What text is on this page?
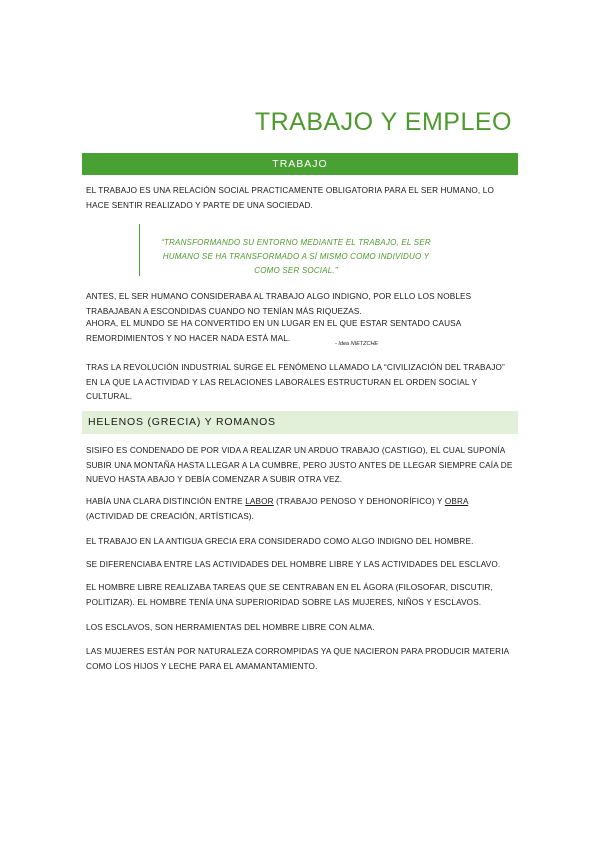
TRABAJO Y EMPLEO
TRABAJO

EL TRABAJO ES UNA RELACIÓN SOCIAL PRACTICAMENTE OBLIGATORIA PARA EL SER HUMANO, LO HACE SENTIR REALIZADO Y PARTE DE UNA SOCIEDAD.

“TRANSFORMANDO SU ENTORNO MEDIANTE EL TRABAJO, EL SER HUMANO SE HA TRANSFORMADO A SÍ MISMO COMO INDIVIDUO Y COMO SER SOCIAL.”

ANTES, EL SER HUMANO CONSIDERABA AL TRABAJO ALGO INDIGNO, POR ELLO LOS NOBLES TRABAJABAN A ESCONDIDAS CUANDO NO TENÍAN MÁS RIQUEZAS.

AHORA, EL MUNDO SE HA CONVERTIDO EN UN LUGAR EN EL QUE ESTAR SENTADO CAUSA REMORDIMIENTOS Y NO HACER NADA ESTÁ MAL.

- Idea NIETZCHE

TRAS LA REVOLUCIÓN INDUSTRIAL SURGE EL FENÓMENO LLAMADO LA “CIVILIZACIÓN DEL TRABAJO” EN LA QUE LA ACTIVIDAD Y LAS RELACIONES LABORALES ESTRUCTURAN EL ORDEN SOCIAL Y CULTURAL.

HELENOS (GRECIA) Y ROMANOS

SISIFO ES CONDENADO DE POR VIDA A REALIZAR UN ARDUO TRABAJO (CASTIGO), EL CUAL SUPONÍA SUBIR UNA MONTAÑA HASTA LLEGAR A LA CUMBRE, PERO JUSTO ANTES DE LLEGAR SIEMPRE CAÍA DE NUEVO HASTA ABAJO Y DEBÍA COMENZAR A SUBIR OTRA VEZ.

HABÍA UNA CLARA DISTINCIÓN ENTRE LABOR (TRABAJO PENOSO Y DEHONORÍFICO) Y OBRA (ACTIVIDAD DE CREACIÓN, ARTÍSTICAS).

EL TRABAJO EN LA ANTIGUA GRECIA ERA CONSIDERADO COMO ALGO INDIGNO DEL HOMBRE.

SE DIFERENCIABA ENTRE LAS ACTIVIDADES DEL HOMBRE LIBRE Y LAS ACTIVIDADES DEL ESCLAVO.

EL HOMBRE LIBRE REALIZABA TAREAS QUE SE CENTRABAN EN EL ÁGORA (FILOSOFAR, DISCUTIR, POLITIZAR). EL HOMBRE TENÍA UNA SUPERIORIDAD SOBRE LAS MUJERES, NIÑOS Y ESCLAVOS.

LOS ESCLAVOS, SON HERRAMIENTAS DEL HOMBRE LIBRE CON ALMA.

LAS MUJERES ESTÁN POR NATURALEZA CORROMPIDAS YA QUE NACIERON PARA PRODUCIR MATERIA COMO LOS HIJOS Y LECHE PARA EL AMAMANTAMIENTO.
